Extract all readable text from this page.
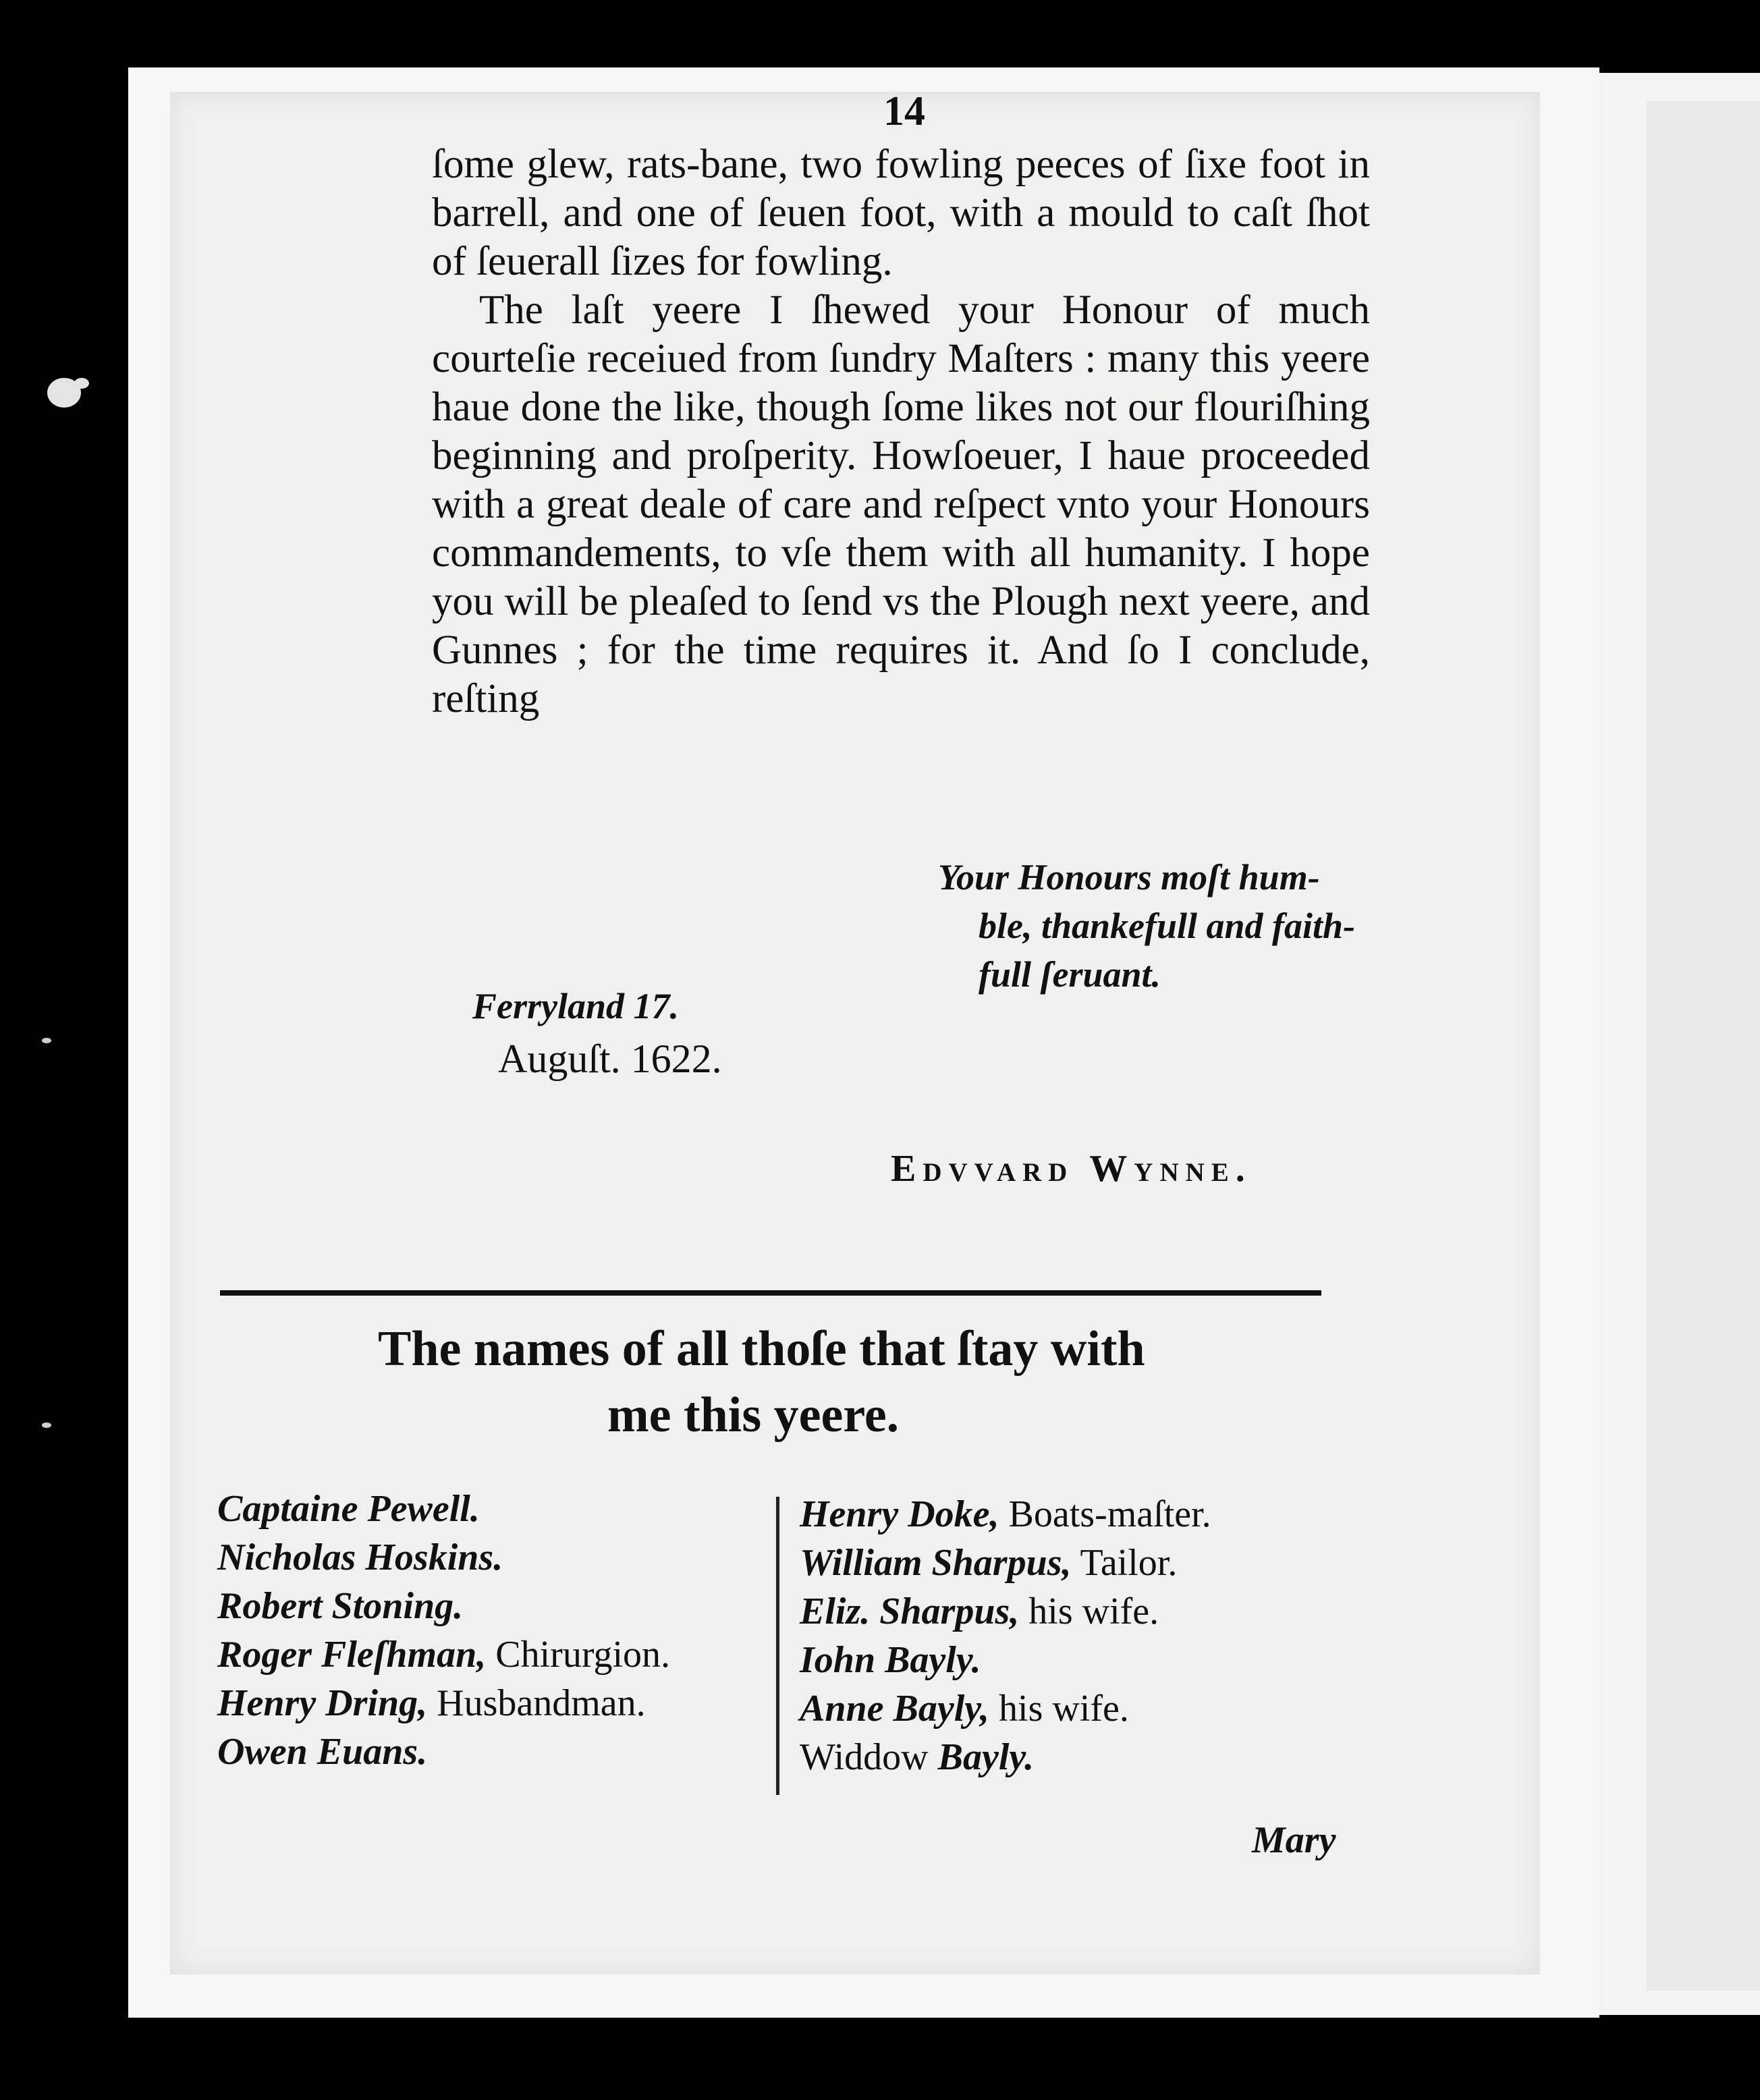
14

ſome glew, rats-bane, two fowling peeces of ſixe foot in barrell, and one of ſeuen foot, with a mould to caſt ſhot of ſeuerall ſizes for fowling.

The laſt yeere I ſhewed your Honour of much courteſie receiued from ſundry Maſters : many this yeere haue done the like, though ſome likes not our flouriſhing beginning and proſperity. Howſoeuer, I haue proceeded with a great deale of care and reſpect vnto your Honours commandements, to vſe them with all humanity. I hope you will be pleaſed to ſend vs the Plough next yeere, and Gunnes ; for the time requires it. And ſo I conclude, reſting

Your Honours moſt hum-
ble, thankefull and faith-
full ſeruant.
Ferryland 17.
Auguſt. 1622.
Edvvard Wynne.
The names of all thoſe that ſtay with
me this yeere.
Captaine Pewell.
Nicholas Hoskins.
Robert Stoning.
Roger Fleſhman, Chirurgion.
Henry Dring, Husbandman.
Owen Euans.
Henry Doke, Boats-maſter.
William Sharpus, Tailor.
Eliz. Sharpus, his wife.
Iohn Bayly.
Anne Bayly, his wife.
Widdow Bayly.
Mary
